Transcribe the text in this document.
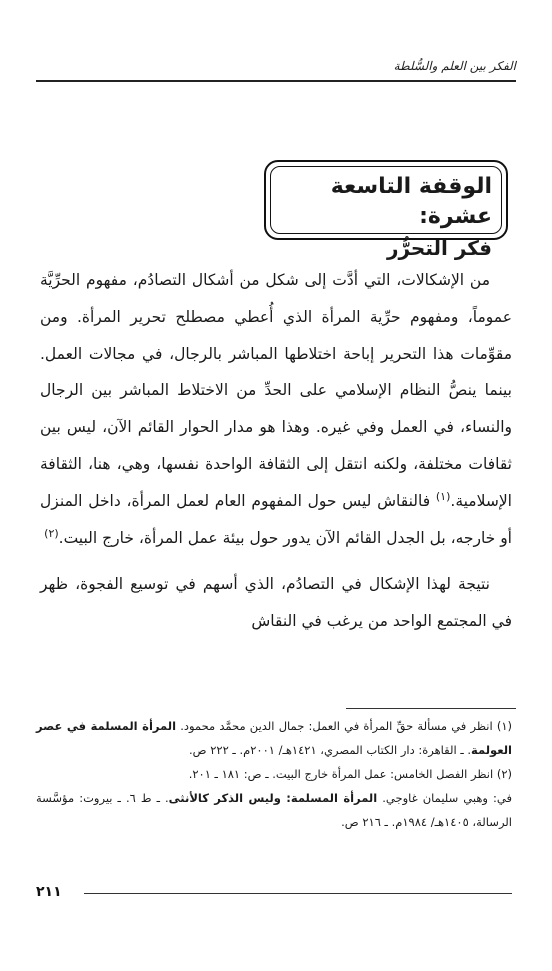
الفكر بين العلم والسُّلطة
الوقفة التاسعة عشرة:
فكر التحرُّر

من الإشكالات، التي أدَّت إلى شكل من أشكال التصادُم، مفهوم الحرِّيَّة عموماً، ومفهوم حرِّية المرأة الذي أُعطي مصطلح تحرير المرأة. ومن مقوِّمات هذا التحرير إباحة اختلاطها المباشر بالرجال، في مجالات العمل. بينما ينصُّ النظام الإسلامي على الحدِّ من الاختلاط المباشر بين الرجال والنساء، في العمل وفي غيره. وهذا هو مدار الحوار القائم الآن، ليس بين ثقافات مختلفة، ولكنه انتقل إلى الثقافة الواحدة نفسها، وهي، هنا، الثقافة الإسلامية.$^{(١)}$ فالنقاش ليس حول المفهوم العام لعمل المرأة، داخل المنزل أو خارجه، بل الجدل القائم الآن يدور حول بيئة عمل المرأة، خارج البيت.$^{(٢)}$

نتيجة لهذا الإشكال في التصادُم، الذي أسهم في توسيع الفجوة، ظهر في المجتمع الواحد من يرغب في النقاش

(١) انظر في مسألة حقِّ المرأة في العمل: جمال الدين محمَّد محمود. المرأة المسلمة في عصر العولمة. ـ القاهرة: دار الكتاب المصري، ١٤٢١هـ/ ٢٠٠١م. ـ ٢٢٢ ص.

(٢) انظر الفصل الخامس: عمل المرأة خارج البيت. ـ ص: ١٨١ ـ ٢٠١.

في: وهبي سليمان غاوجي. المرأة المسلمة: وليس الذكر كالأنثى. ـ ط ٦. ـ بيروت: مؤسَّسة الرسالة، ١٤٠٥هـ/ ١٩٨٤م. ـ ٢١٦ ص.

٢١١
